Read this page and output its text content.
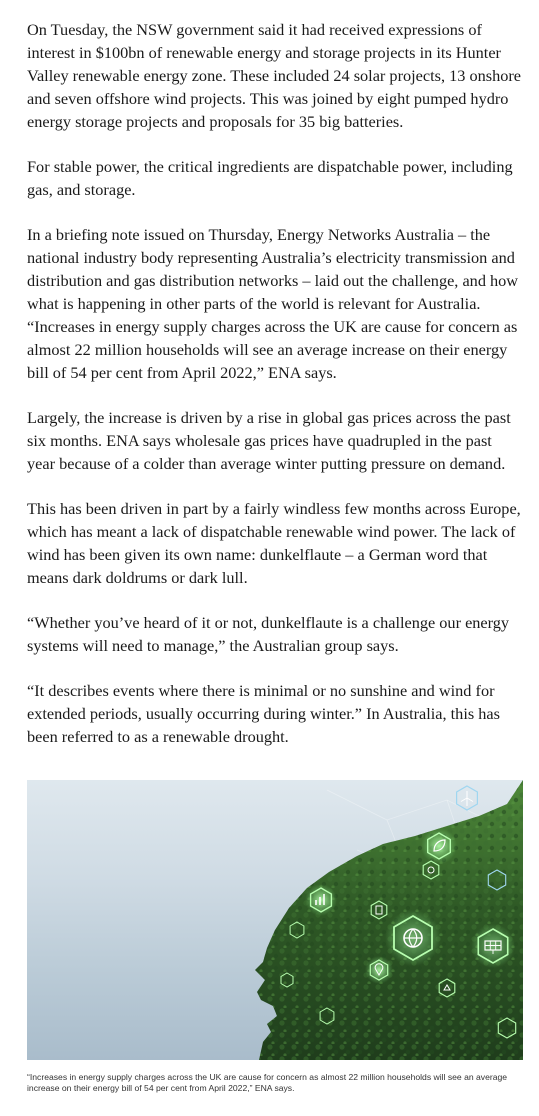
On Tuesday, the NSW government said it had received expressions of interest in $100bn of renewable energy and storage projects in its Hunter Valley renewable energy zone. These included 24 solar projects, 13 onshore and seven offshore wind projects. This was joined by eight pumped hydro energy storage projects and proposals for 35 big batteries.

For stable power, the critical ingredients are dispatchable power, including gas, and storage.

In a briefing note issued on Thursday, Energy Networks Australia – the national industry body representing Australia’s electricity transmission and distribution and gas distribution networks – laid out the challenge, and how what is happening in other parts of the world is relevant for Australia. “Increases in energy supply charges across the UK are cause for concern as almost 22 million households will see an average increase on their energy bill of 54 per cent from April 2022,” ENA says.

Largely, the increase is driven by a rise in global gas prices across the past six months. ENA says wholesale gas prices have quadrupled in the past year because of a colder than average winter putting pressure on demand.

This has been driven in part by a fairly windless few months across Europe, which has meant a lack of dispatchable renewable wind power. The lack of wind has been given its own name: dunkelflaute – a German word that means dark doldrums or dark lull.

“Whether you’ve heard of it or not, dunkelflaute is a challenge our energy systems will need to manage,” the Australian group says.

“It describes events where there is minimal or no sunshine and wind for extended periods, usually occurring during winter.” In Australia, this has been referred to as a renewable drought.

“Increases in energy supply charges across the UK are cause for concern as almost 22 million households will see an average increase on their energy bill of 54 per cent from April 2022,” ENA says.
